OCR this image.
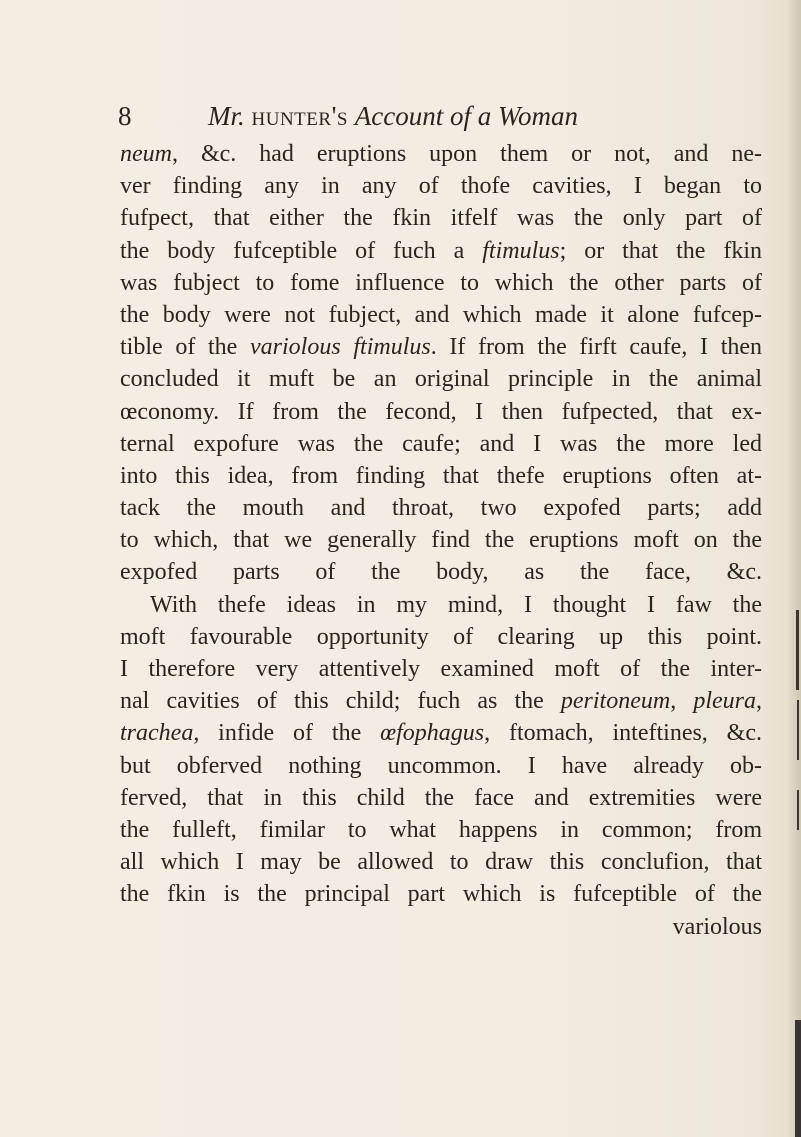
8	Mr. hunter's Account of a Woman
neum, &c. had eruptions upon them or not, and ne-
ver finding any in any of thofe cavities, I began to
fufpect, that either the fkin itfelf was the only part of
the body fufceptible of fuch a ftimulus; or that the fkin
was fubject to fome influence to which the other parts of
the body were not fubject, and which made it alone fufcep-
tible of the variolous ftimulus. If from the firft caufe, I then
concluded it muft be an original principle in the animal
œconomy. If from the fecond, I then fufpected, that ex-
ternal expofure was the caufe; and I was the more led
into this idea, from finding that thefe eruptions often at-
tack the mouth and throat, two expofed parts; add
to which, that we generally find the eruptions moft on the
expofed parts of the body, as the face, &c.
With thefe ideas in my mind, I thought I faw the
moft favourable opportunity of clearing up this point.
I therefore very attentively examined moft of the inter-
nal cavities of this child; fuch as the peritoneum, pleura,
trachea, infide of the œfophagus, ftomach, inteftines, &c.
but obferved nothing uncommon. I have already ob-
ferved, that in this child the face and extremities were
the fulleft, fimilar to what happens in common; from
all which I may be allowed to draw this conclufion, that
the fkin is the principal part which is fufceptible of the
variolous
